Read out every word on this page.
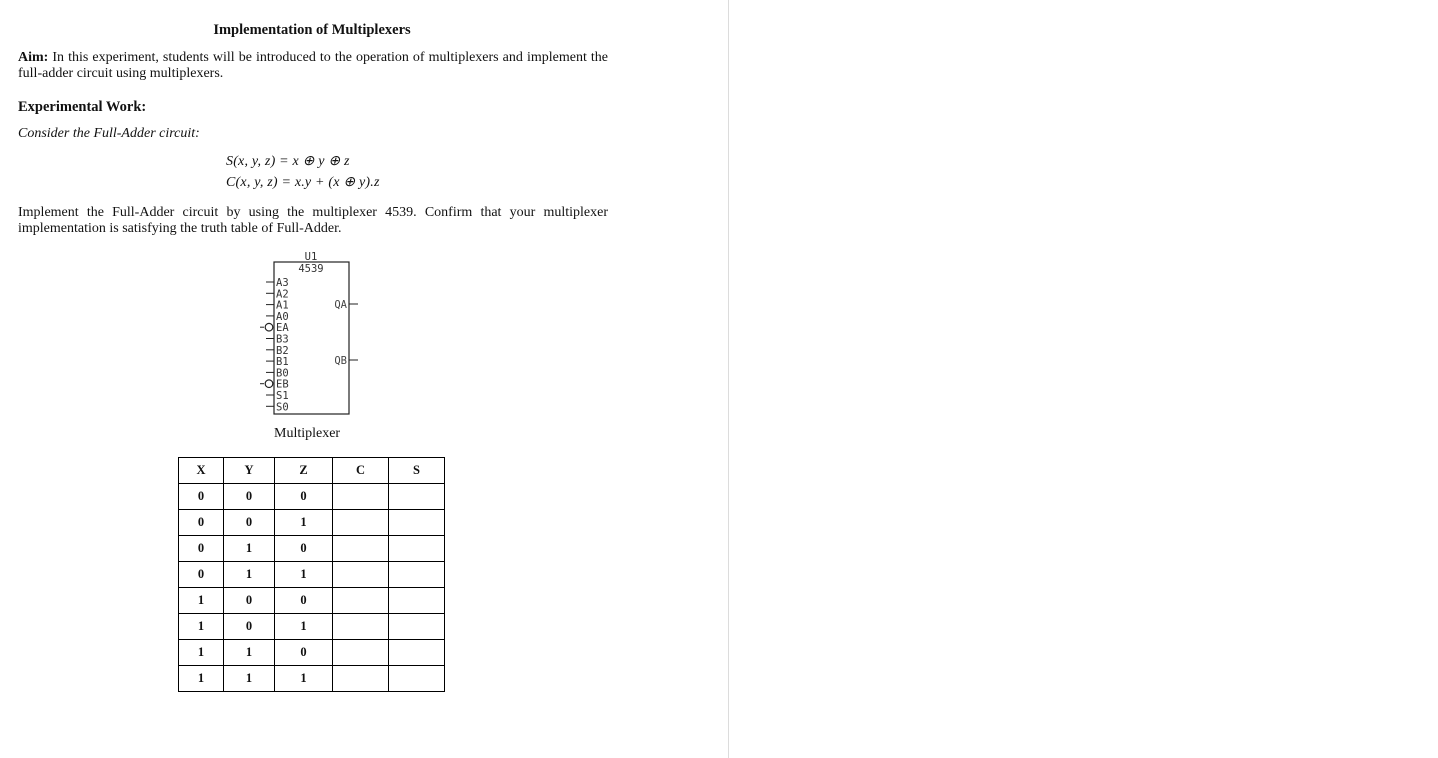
Implementation of Multiplexers
Aim: In this experiment, students will be introduced to the operation of multiplexers and implement the full-adder circuit using multiplexers.
Experimental Work:
Consider the Full-Adder circuit:
S(x, y, z) = x ⊕ y ⊕ z
C(x, y, z) = x.y + (x ⊕ y).z
Implement the Full-Adder circuit by using the multiplexer 4539. Confirm that your multiplexer implementation is satisfying the truth table of Full-Adder.
U1
4539
A3
A2
A1
A0
EA
B3
B2
B1
B0
EB
S1
S0
QA
QB
Multiplexer
X	Y	Z	C	S
0	0	0		
0	0	1		
0	1	0		
0	1	1		
1	0	0		
1	0	1		
1	1	0		
1	1	1		
